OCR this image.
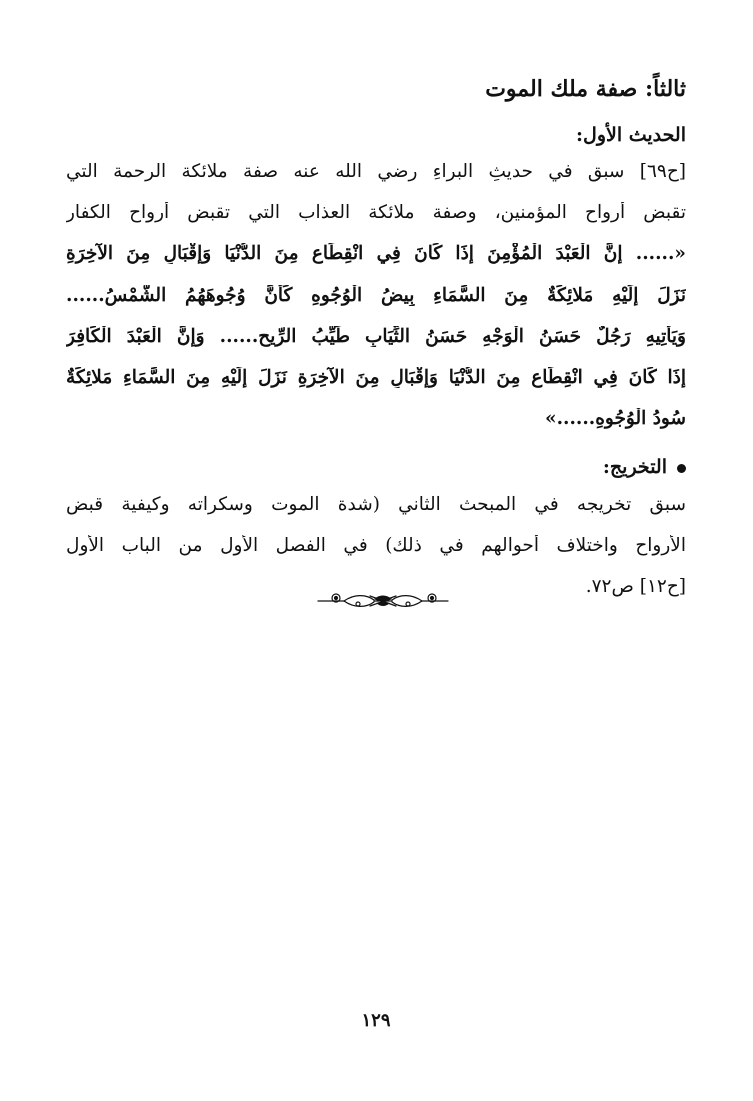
ثالثاً: صفة ملك الموت
الحديث الأول:
[ح٦٩] سبق في حديثِ البراءِ رضي الله عنه صفة ملائكة الرحمة التي
تقبض أرواح المؤمنين، وصفة ملائكة العذاب التي تقبض أرواح الكفار
«...... إِنَّ الْعَبْدَ الْمُؤْمِنَ إِذَا كَانَ فِي انْقِطَاعٍ مِنَ الدُّنْيَا وَإِقْبَالٍ مِنَ الآخِرَةِ
نَزَلَ إِلَيْهِ مَلائِكَةٌ مِنَ السَّمَاءِ بِيضُ الْوُجُوهِ كَأَنَّ وُجُوهَهُمُ الشَّمْسُ......
وَيَأْتِيهِ رَجُلٌ حَسَنُ الْوَجْهِ حَسَنُ الثِّيَابِ طَيِّبُ الرِّيحِ...... وَإِنَّ الْعَبْدَ الْكَافِرَ
إِذَا كَانَ فِي انْقِطَاعٍ مِنَ الدُّنْيَا وَإِقْبَالٍ مِنَ الآخِرَةِ نَزَلَ إِلَيْهِ مِنَ السَّمَاءِ مَلائِكَةٌ
سُودُ الْوُجُوهِ......»
التخريج:
سبق تخريجه في المبحث الثاني (شدة الموت وسكراته وكيفية قبض
الأرواح واختلاف أحوالهم في ذلك) في الفصل الأول من الباب الأول
[ح١٢] ص٧٢.
١٢٩
